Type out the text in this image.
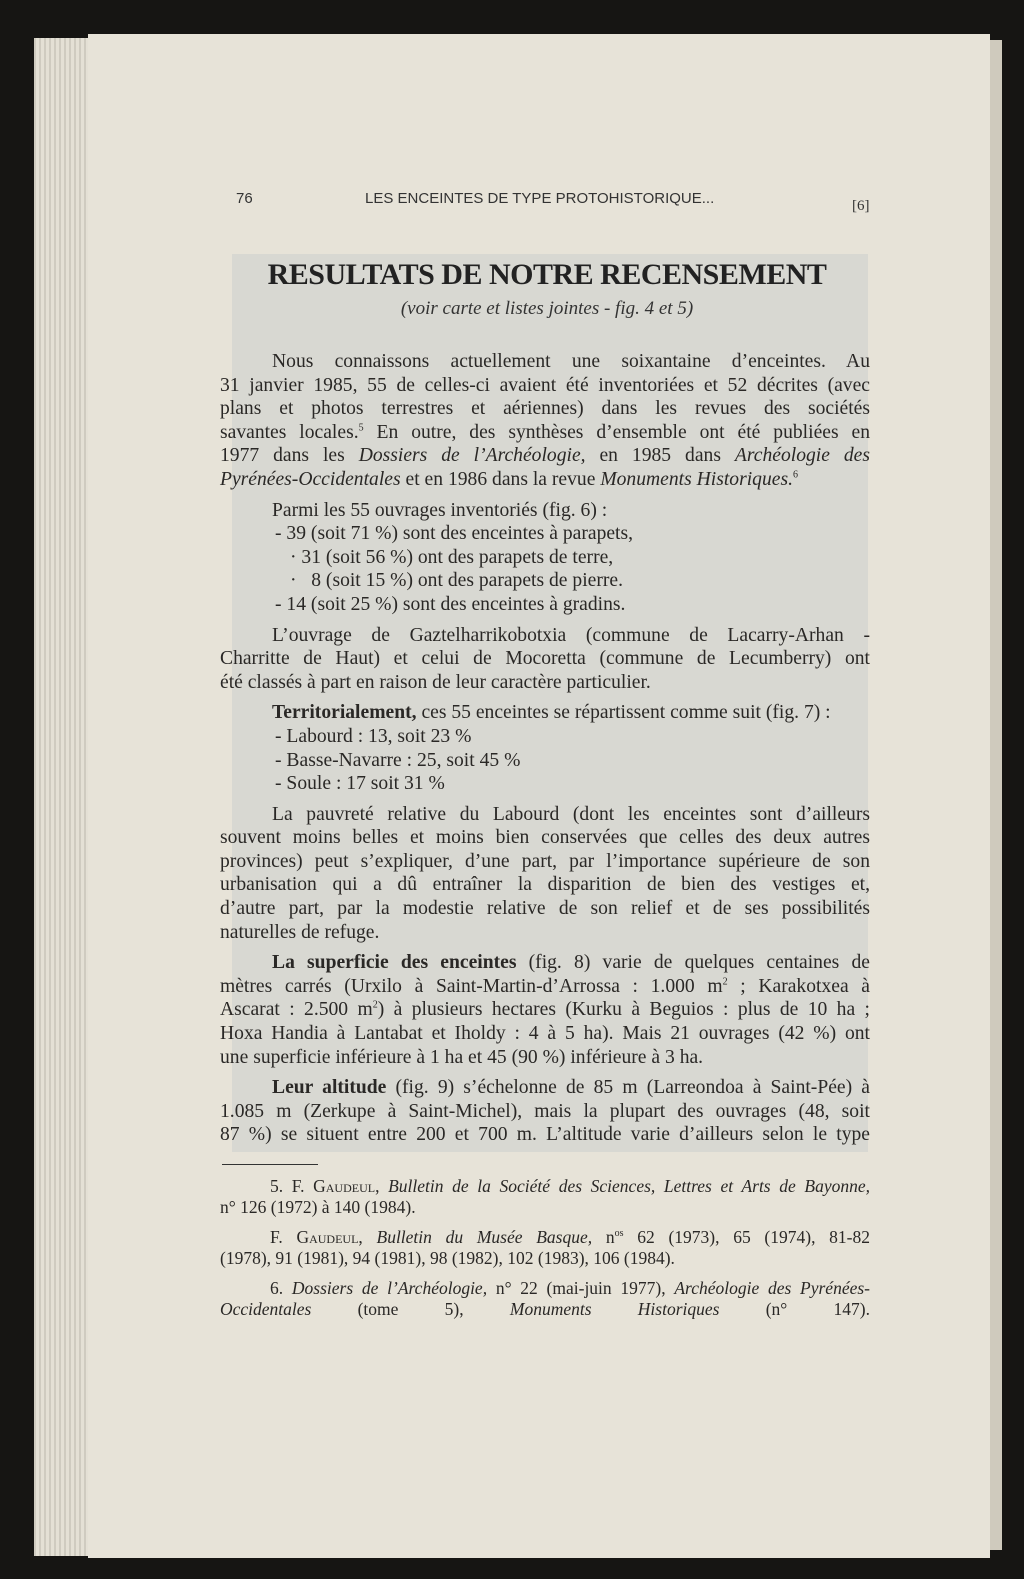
76	LES ENCEINTES DE TYPE PROTOHISTORIQUE...	[6]
RESULTATS DE NOTRE RECENSEMENT
(voir carte et listes jointes - fig. 4 et 5)
Nous connaissons actuellement une soixantaine d’enceintes. Au
31 janvier 1985, 55 de celles-ci avaient été inventoriées et 52 décrites (avec
plans et photos terrestres et aériennes) dans les revues des sociétés
savantes locales.$^5$ En outre, des synthèses d’ensemble ont été publiées en
1977 dans les Dossiers de l’Archéologie, en 1985 dans Archéologie des
Pyrénées-Occidentales et en 1986 dans la revue Monuments Historiques.$^6$
Parmi les 55 ouvrages inventoriés (fig. 6) :
- 39 (soit 71 %) sont des enceintes à parapets,
· 31 (soit 56 %) ont des parapets de terre,
·   8 (soit 15 %) ont des parapets de pierre.
- 14 (soit 25 %) sont des enceintes à gradins.
L’ouvrage de Gaztelharrikobotxia (commune de Lacarry-Arhan -
Charritte de Haut) et celui de Mocoretta (commune de Lecumberry) ont
été classés à part en raison de leur caractère particulier.
Territorialement, ces 55 enceintes se répartissent comme suit (fig. 7) :
- Labourd : 13, soit 23 %
- Basse-Navarre : 25, soit 45 %
- Soule : 17 soit 31 %
La pauvreté relative du Labourd (dont les enceintes sont d’ailleurs
souvent moins belles et moins bien conservées que celles des deux autres
provinces) peut s’expliquer, d’une part, par l’importance supérieure de son
urbanisation qui a dû entraîner la disparition de bien des vestiges et,
d’autre part, par la modestie relative de son relief et de ses possibilités
naturelles de refuge.
La superficie des enceintes (fig. 8) varie de quelques centaines de
mètres carrés (Urxilo à Saint-Martin-d’Arrossa : 1.000 $m^2$ ; Karakotxea à
Ascarat : 2.500 $m^2$) à plusieurs hectares (Kurku à Beguios : plus de 10 ha ;
Hoxa Handia à Lantabat et Iholdy : 4 à 5 ha). Mais 21 ouvrages (42 %) ont
une superficie inférieure à 1 ha et 45 (90 %) inférieure à 3 ha.
Leur altitude (fig. 9) s’échelonne de 85 m (Larreondoa à Saint-Pée) à
1.085 m (Zerkupe à Saint-Michel), mais la plupart des ouvrages (48, soit
87 %) se situent entre 200 et 700 m. L’altitude varie d’ailleurs selon le type
5. F. Gaudeul, Bulletin de la Société des Sciences, Lettres et Arts de Bayonne,
n° 126 (1972) à 140 (1984).
F. Gaudeul, Bulletin du Musée Basque, $n^{os}$ 62 (1973), 65 (1974), 81-82
(1978), 91 (1981), 94 (1981), 98 (1982), 102 (1983), 106 (1984).
6. Dossiers de l’Archéologie, n° 22 (mai-juin 1977), Archéologie des Pyrénées-
Occidentales (tome 5), Monuments Historiques (n° 147).
